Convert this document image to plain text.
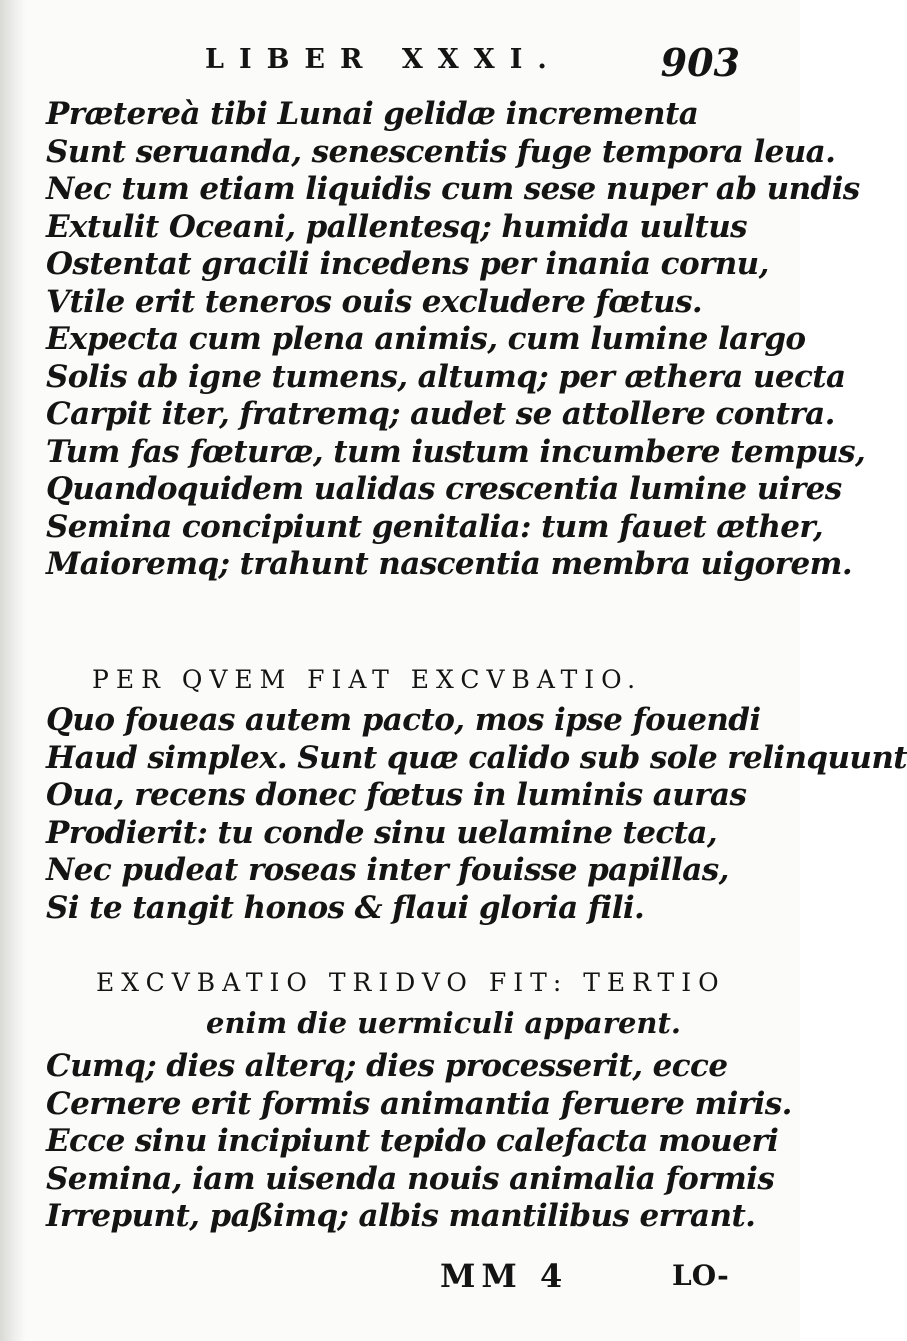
LIBER XXXI.	903
Prætereà tibi Lunai gelidæ incrementa
Sunt seruanda, senescentis fuge tempora leua.
Nec tum etiam liquidis cum sese nuper ab undis
Extulit Oceani, pallentesq; humida uultus
Ostentat gracili incedens per inania cornu,
Vtile erit teneros ouis excludere fœtus.
Expecta cum plena animis, cum lumine largo
Solis ab igne tumens, altumq; per æthera uecta
Carpit iter, fratremq; audet se attollere contra.
Tum fas fœturæ, tum iustum incumbere tempus,
Quandoquidem ualidas crescentia lumine uires
Semina concipiunt genitalia: tum fauet æther,
Maioremq; trahunt nascentia membra uigorem.
PER QVEM FIAT EXCVBATIO.
Quo foueas autem pacto, mos ipse fouendi
Haud simplex. Sunt quæ calido sub sole relinquunt
Oua, recens donec fœtus in luminis auras
Prodierit: tu conde sinu uelamine tecta,
Nec pudeat roseas inter fouisse papillas,
Si te tangit honos & flaui gloria fili.
EXCVBATIO TRIDVO FIT: TERTIO
enim die uermiculi apparent.
Cumq; dies alterq; dies processerit, ecce
Cernere erit formis animantia feruere miris.
Ecce sinu incipiunt tepido calefacta moueri
Semina, iam uisenda nouis animalia formis
Irrepunt, paßimq; albis mantilibus errant.
MM 4	LO-
